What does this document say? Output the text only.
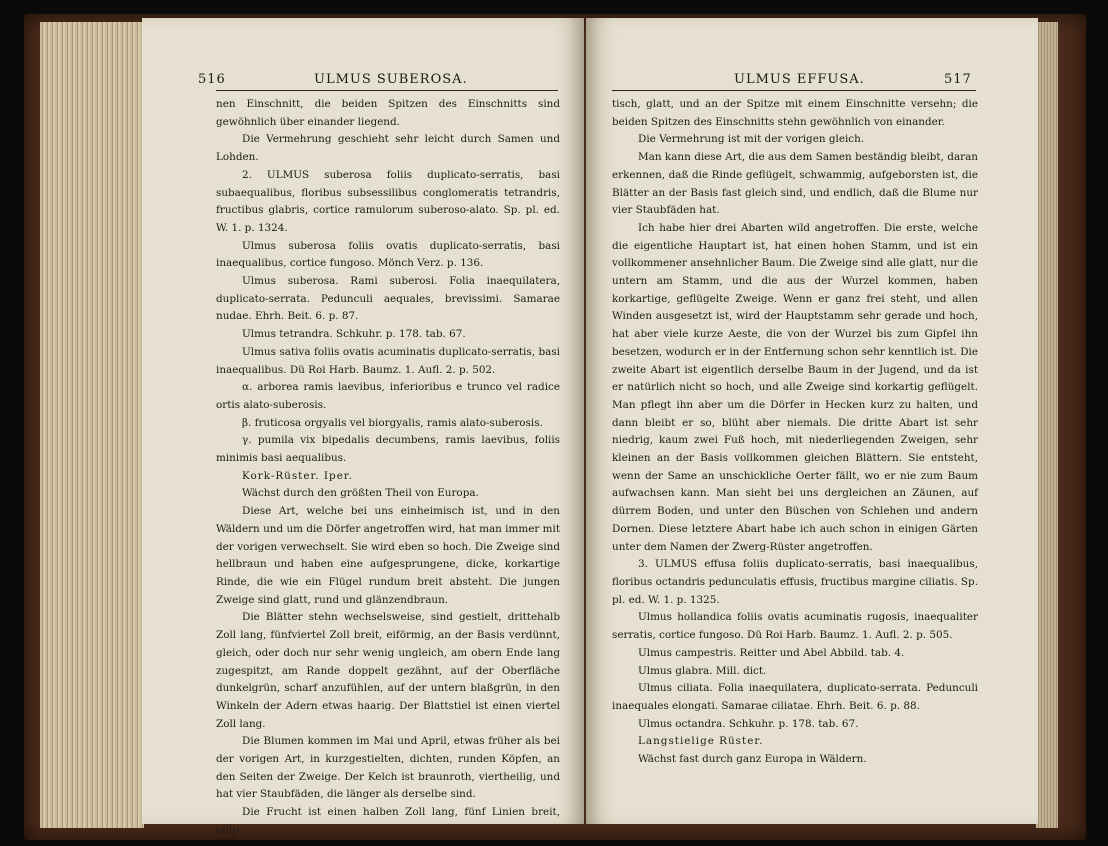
516	ULMUS SUBEROSA.

nen Einschnitt, die beiden Spitzen des Einschnitts sind gewöhnlich über einander liegend.

Die Vermehrung geschieht sehr leicht durch Samen und Lohden.

2. ULMUS suberosa foliis duplicato-serratis, basi subaequalibus, floribus subsessilibus conglomeratis tetrandris, fructibus glabris, cortice ramulorum suberoso-alato. Sp. pl. ed. W. 1. p. 1324.

Ulmus suberosa foliis ovatis duplicato-serratis, basi inaequalibus, cortice fungoso. Mönch Verz. p. 136.

Ulmus suberosa. Rami suberosi. Folia inaequilatera, duplicato-serrata. Pedunculi aequales, brevissimi. Samarae nudae. Ehrh. Beit. 6. p. 87.

Ulmus tetrandra. Schkuhr. p. 178. tab. 67.

Ulmus sativa foliis ovatis acuminatis duplicato-serratis, basi inaequalibus. Dü Roi Harb. Baumz. 1. Aufl. 2. p. 502.

α. arborea ramis laevibus, inferioribus e trunco vel radice ortis alato-suberosis.

β. fruticosa orgyalis vel biorgyalis, ramis alato-suberosis.

γ. pumila vix bipedalis decumbens, ramis laevibus, foliis minimis basi aequalibus.

Kork-Rüster. Iper.

Wächst durch den größten Theil von Europa.

Diese Art, welche bei uns einheimisch ist, und in den Wäldern und um die Dörfer angetroffen wird, hat man immer mit der vorigen verwechselt. Sie wird eben so hoch. Die Zweige sind hellbraun und haben eine aufgesprungene, dicke, korkartige Rinde, die wie ein Flügel rundum breit absteht. Die jungen Zweige sind glatt, rund und glänzendbraun.

Die Blätter stehn wechselsweise, sind gestielt, drittehalb Zoll lang, fünfviertel Zoll breit, eiförmig, an der Basis verdünnt, gleich, oder doch nur sehr wenig ungleich, am obern Ende lang zugespitzt, am Rande doppelt gezähnt, auf der Oberfläche dunkelgrün, scharf anzufühlen, auf der untern blaßgrün, in den Winkeln der Adern etwas haarig. Der Blattstiel ist einen viertel Zoll lang.

Die Blumen kommen im Mai und April, etwas früher als bei der vorigen Art, in kurzgestielten, dichten, runden Köpfen, an den Seiten der Zweige. Der Kelch ist braunroth, viertheilig, und hat vier Staubfäden, die länger als derselbe sind.

Die Frucht ist einen halben Zoll lang, fünf Linien breit, ellip-

ULMUS EFFUSA.	517

tisch, glatt, und an der Spitze mit einem Einschnitte versehn; die beiden Spitzen des Einschnitts stehn gewöhnlich von einander.

Die Vermehrung ist mit der vorigen gleich.

Man kann diese Art, die aus dem Samen beständig bleibt, daran erkennen, daß die Rinde geflügelt, schwammig, aufgeborsten ist, die Blätter an der Basis fast gleich sind, und endlich, daß die Blume nur vier Staubfäden hat.

Ich habe hier drei Abarten wild angetroffen. Die erste, welche die eigentliche Hauptart ist, hat einen hohen Stamm, und ist ein vollkommener ansehnlicher Baum. Die Zweige sind alle glatt, nur die untern am Stamm, und die aus der Wurzel kommen, haben korkartige, geflügelte Zweige. Wenn er ganz frei steht, und allen Winden ausgesetzt ist, wird der Hauptstamm sehr gerade und hoch, hat aber viele kurze Aeste, die von der Wurzel bis zum Gipfel ihn besetzen, wodurch er in der Entfernung schon sehr kenntlich ist. Die zweite Abart ist eigentlich derselbe Baum in der Jugend, und da ist er natürlich nicht so hoch, und alle Zweige sind korkartig geflügelt. Man pflegt ihn aber um die Dörfer in Hecken kurz zu halten, und dann bleibt er so, blüht aber niemals. Die dritte Abart ist sehr niedrig, kaum zwei Fuß hoch, mit niederliegenden Zweigen, sehr kleinen an der Basis vollkommen gleichen Blättern. Sie entsteht, wenn der Same an unschickliche Oerter fällt, wo er nie zum Baum aufwachsen kann. Man sieht bei uns dergleichen an Zäunen, auf dürrem Boden, und unter den Büschen von Schlehen und andern Dornen. Diese letztere Abart habe ich auch schon in einigen Gärten unter dem Namen der Zwerg-Rüster angetroffen.

3. ULMUS effusa foliis duplicato-serratis, basi inaequalibus, floribus octandris pedunculatis effusis, fructibus margine ciliatis. Sp. pl. ed. W. 1. p. 1325.

Ulmus hollandica foliis ovatis acuminatis rugosis, inaequaliter serratis, cortice fungoso. Dü Roi Harb. Baumz. 1. Aufl. 2. p. 505.

Ulmus campestris. Reitter und Abel Abbild. tab. 4.

Ulmus glabra. Mill. dict.

Ulmus ciliata. Folia inaequilatera, duplicato-serrata. Pedunculi inaequales elongati. Samarae ciliatae. Ehrh. Beit. 6. p. 88.

Ulmus octandra. Schkuhr. p. 178. tab. 67.

Langstielige Rüster.

Wächst fast durch ganz Europa in Wäldern.
